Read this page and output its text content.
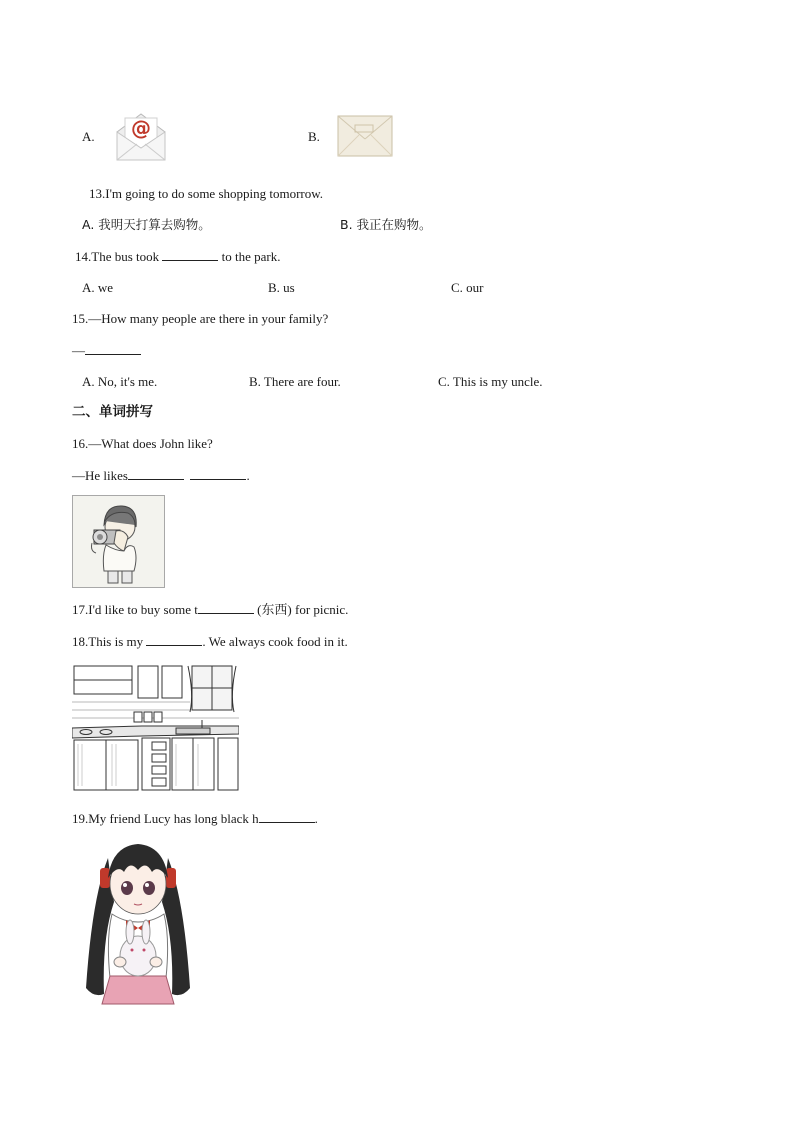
A. @	B.
13.I'm going to do some shopping tomorrow.
A. 我明天打算去购物。	B. 我正在购物。
14.The bus took	to the park.
A. we	B. us	C. our
15.—How many people are there in your family?
—
A. No, it's me.	B. There are four.	C. This is my uncle.
二、单词拼写
16.—What does John like?
—He likes	.
17.I'd like to buy some t	(东西) for picnic.
18.This is my	. We always cook food in it.
19.My friend Lucy has long black h	.
